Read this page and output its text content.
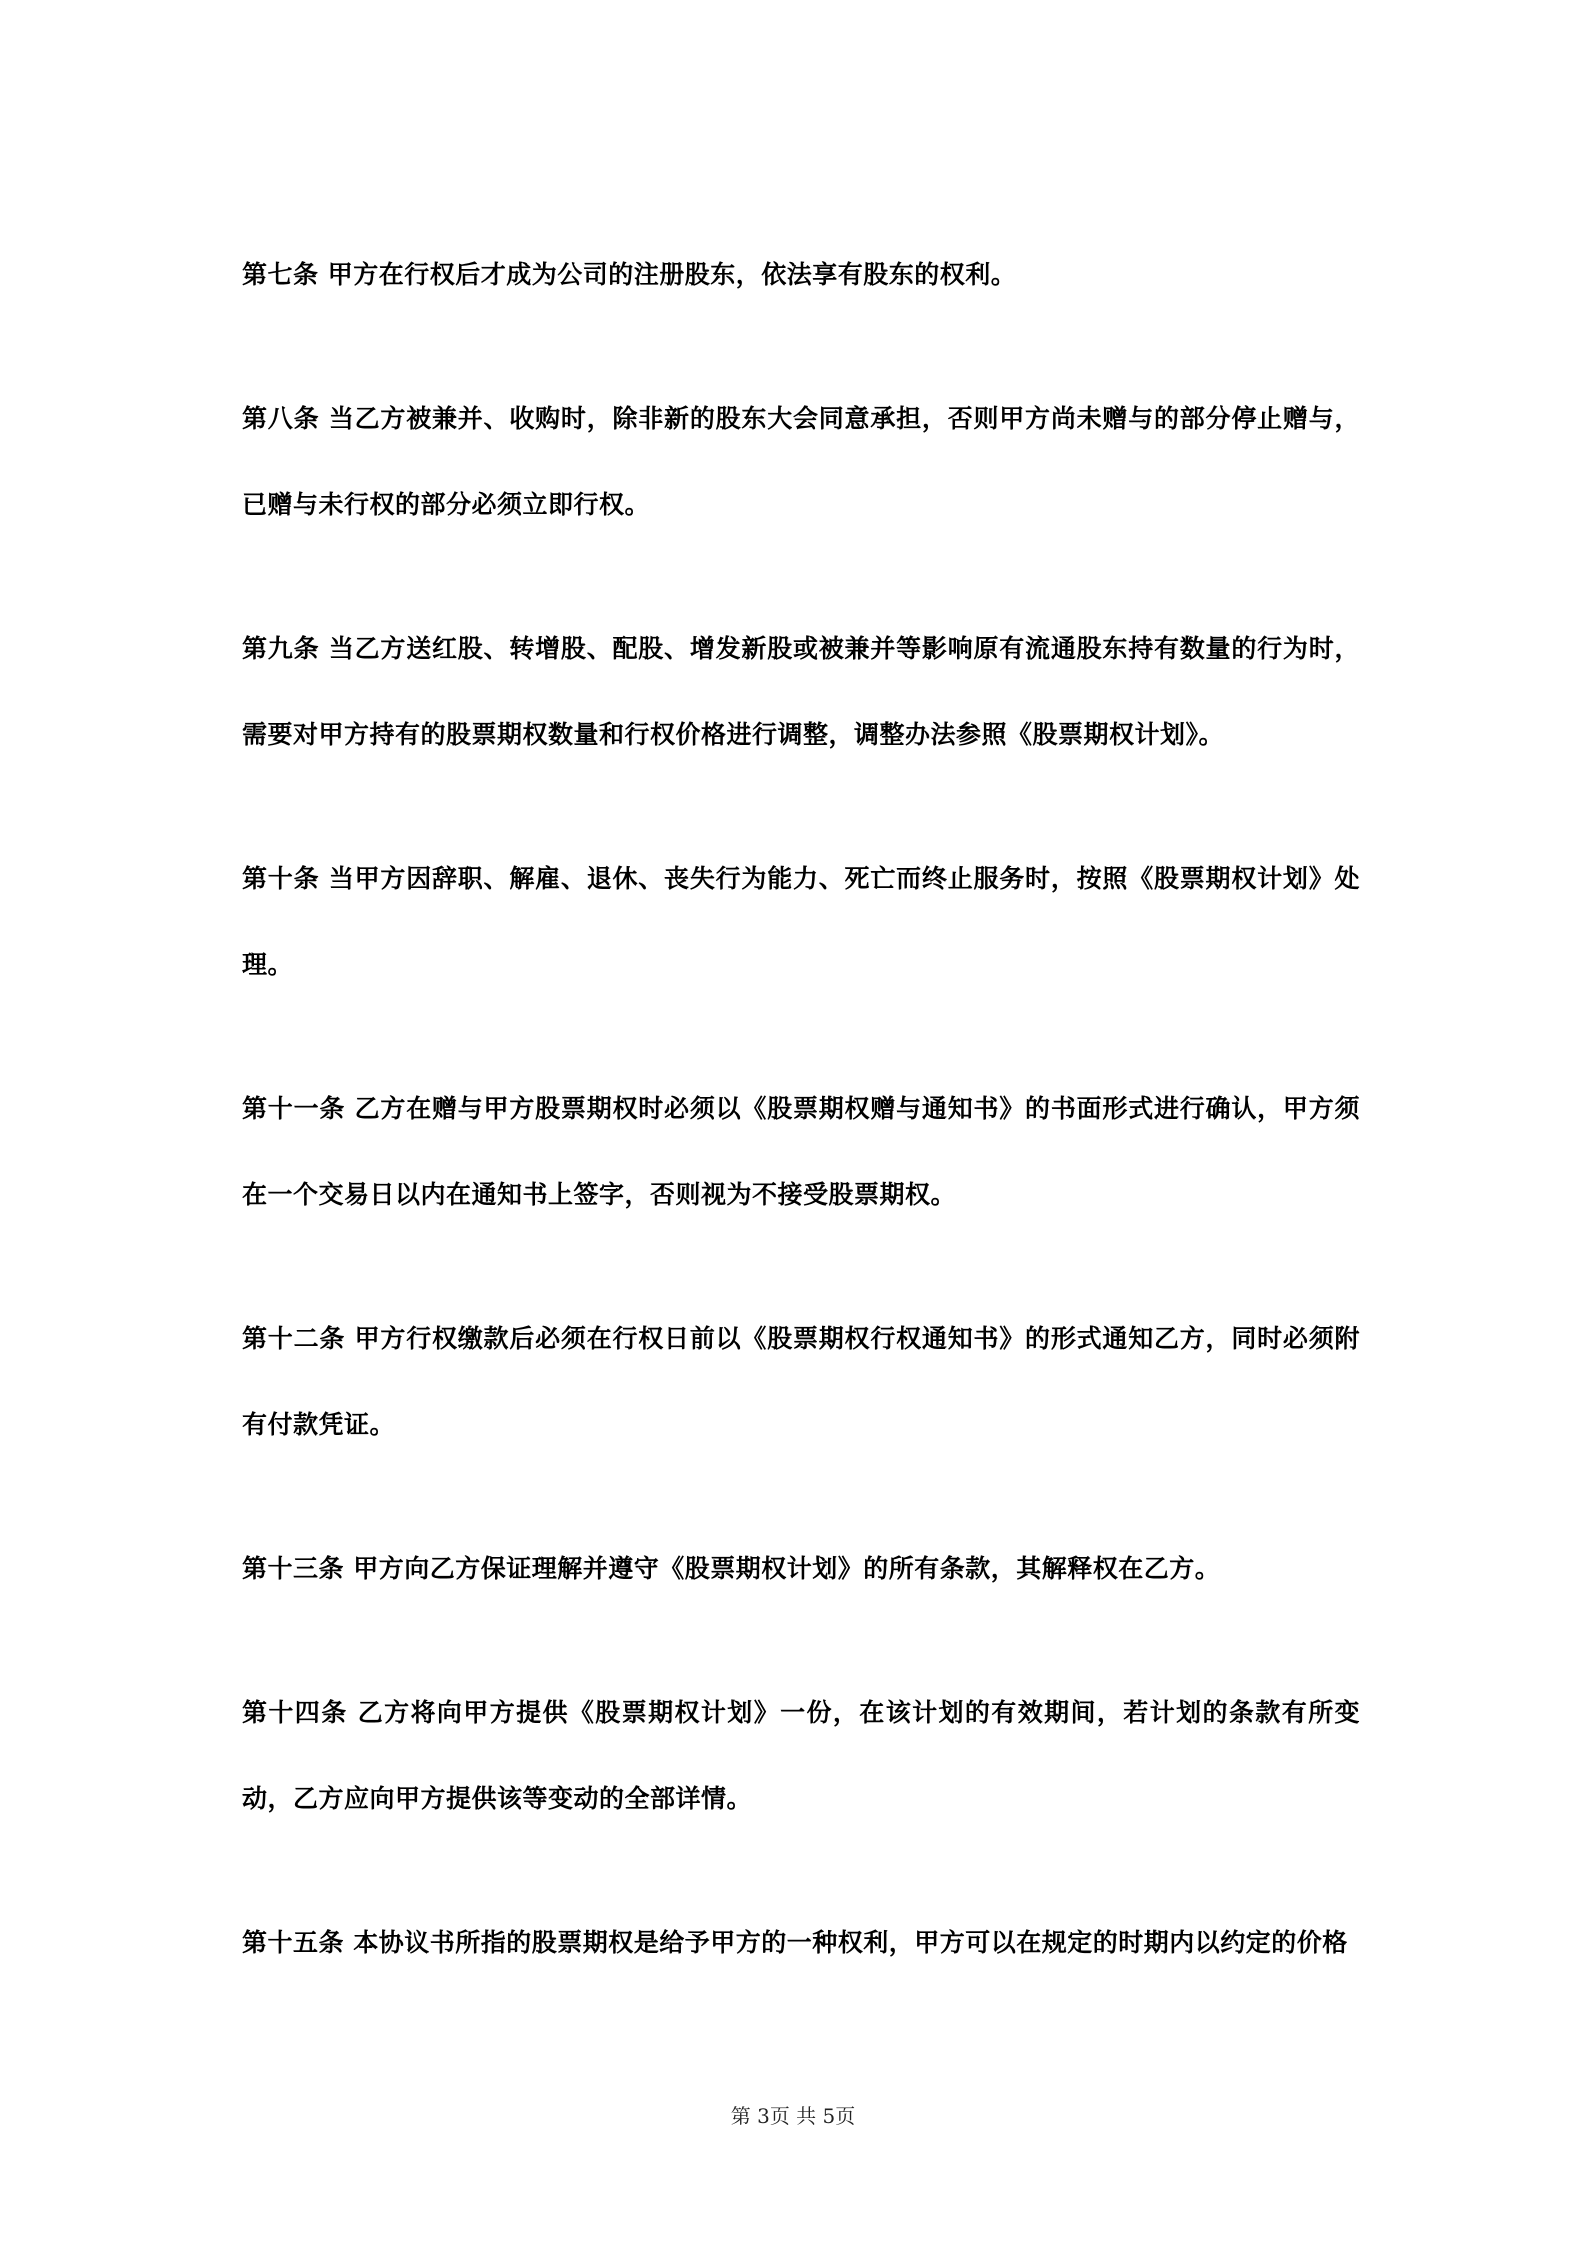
第七条 甲方在行权后才成为公司的注册股东，依法享有股东的权利。

第八条 当乙方被兼并、收购时，除非新的股东大会同意承担，否则甲方尚未赠与的部分停止赠与，已赠与未行权的部分必须立即行权。

第九条 当乙方送红股、转增股、配股、增发新股或被兼并等影响原有流通股东持有数量的行为时，需要对甲方持有的股票期权数量和行权价格进行调整，调整办法参照《股票期权计划》。

第十条 当甲方因辞职、解雇、退休、丧失行为能力、死亡而终止服务时，按照《股票期权计划》处理。

第十一条 乙方在赠与甲方股票期权时必须以《股票期权赠与通知书》的书面形式进行确认，甲方须在一个交易日以内在通知书上签字，否则视为不接受股票期权。

第十二条 甲方行权缴款后必须在行权日前以《股票期权行权通知书》的形式通知乙方，同时必须附有付款凭证。

第十三条 甲方向乙方保证理解并遵守《股票期权计划》的所有条款，其解释权在乙方。

第十四条 乙方将向甲方提供《股票期权计划》一份，在该计划的有效期间，若计划的条款有所变动，乙方应向甲方提供该等变动的全部详情。

第十五条 本协议书所指的股票期权是给予甲方的一种权利，甲方可以在规定的时期内以约定的价格

第 3页 共 5页
